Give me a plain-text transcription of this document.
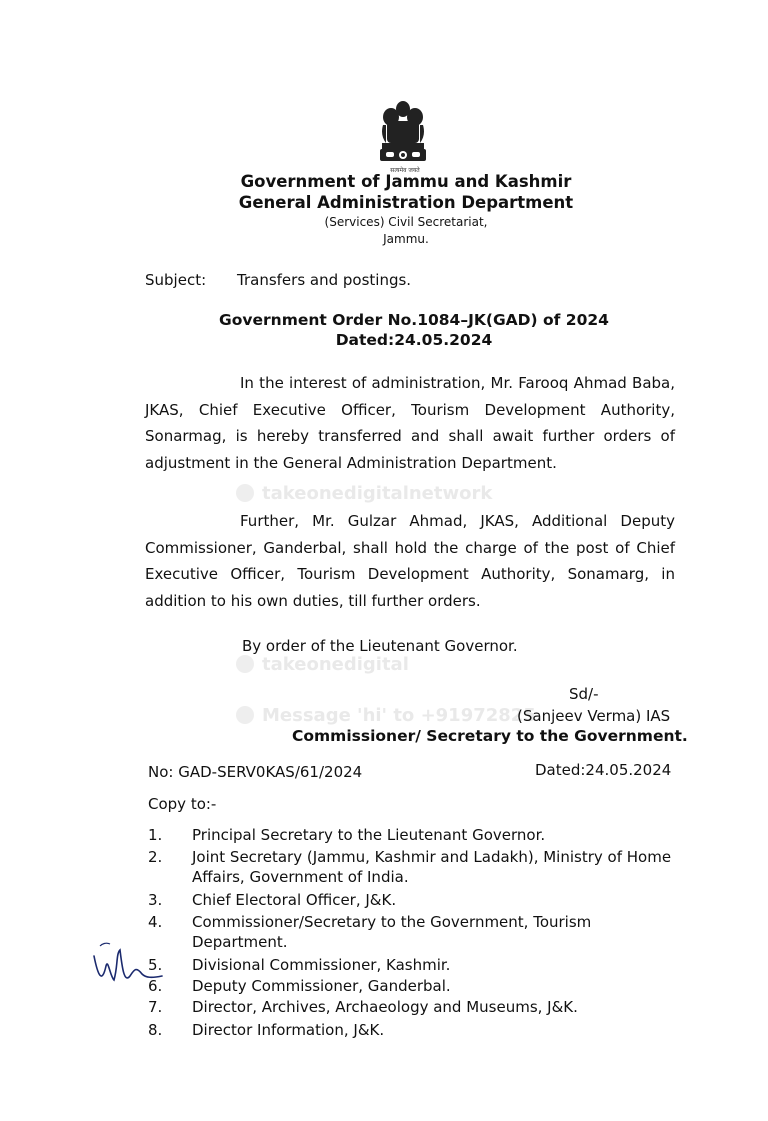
सत्यमेव जयते
Government of Jammu and Kashmir
General Administration Department
(Services) Civil Secretariat,
Jammu.
Subject: Transfers and postings.
Government Order No.1084–JK(GAD) of 2024
Dated:24.05.2024
takeonedigitalnetwork
takeonedigital
Message 'hi' to +91972825
In the interest of administration, Mr. Farooq Ahmad Baba,
JKAS, Chief Executive Officer, Tourism Development Authority,
Sonarmag, is hereby transferred and shall await further orders of
adjustment in the General Administration Department.
Further, Mr. Gulzar Ahmad, JKAS, Additional Deputy
Commissioner, Ganderbal, shall hold the charge of the post of Chief
Executive Officer, Tourism Development Authority, Sonamarg, in
addition to his own duties, till further orders.
By order of the Lieutenant Governor.
Sd/-
(Sanjeev Verma) IAS
Commissioner/ Secretary to the Government.
No: GAD-SERV0KAS/61/2024	Dated:24.05.2024
Copy to:-
1.	Principal Secretary to the Lieutenant Governor.
2.	Joint Secretary (Jammu, Kashmir and Ladakh), Ministry of Home
Affairs, Government of India.
3.	Chief Electoral Officer, J&K.
4.	Commissioner/Secretary to the Government, Tourism
Department.
5.	Divisional Commissioner, Kashmir.
6.	Deputy Commissioner, Ganderbal.
7.	Director, Archives, Archaeology and Museums, J&K.
8.	Director Information, J&K.
